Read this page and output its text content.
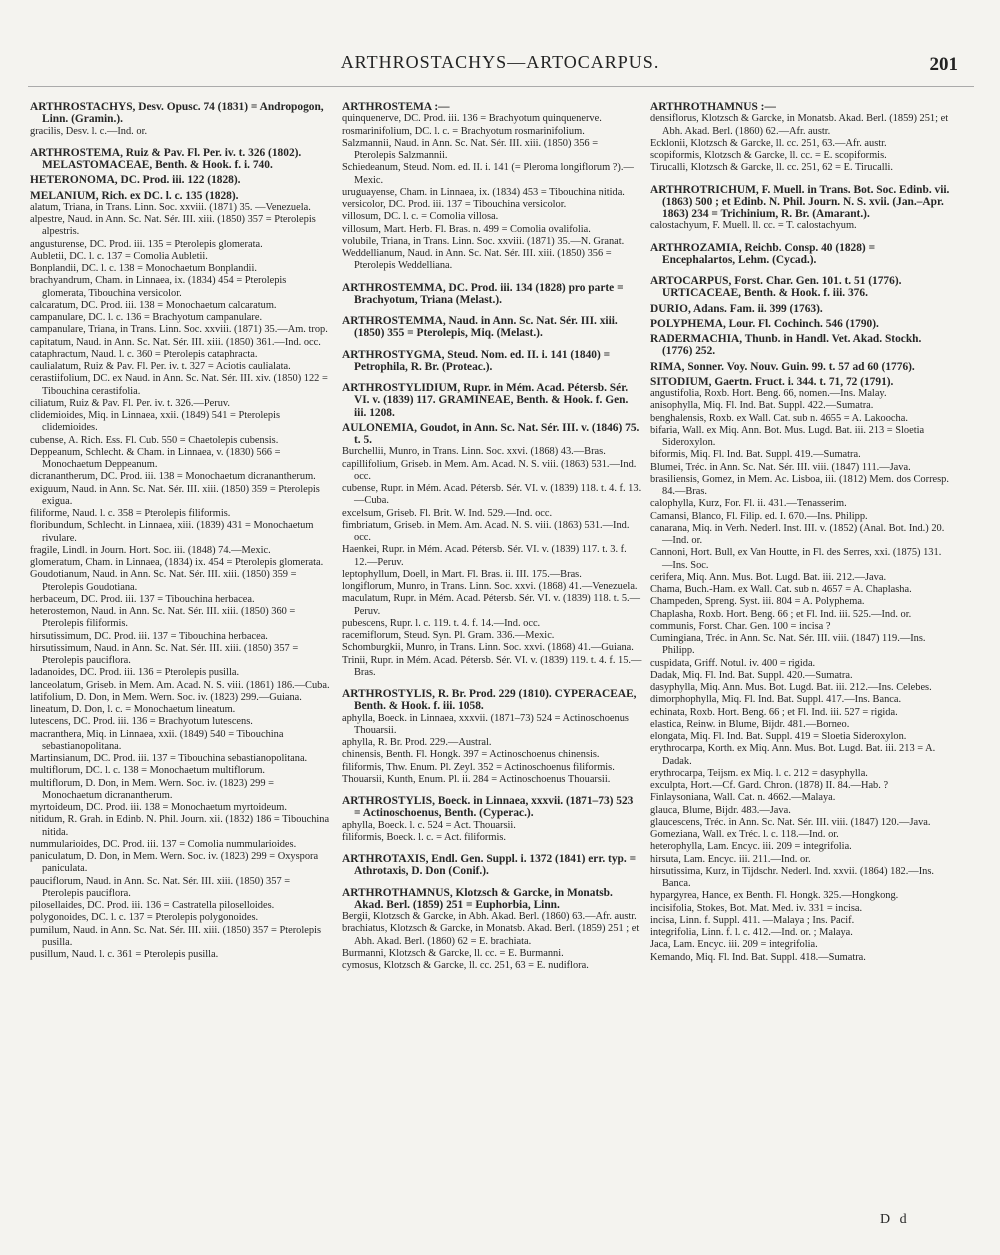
ARTHROSTACHYS—ARTOCARPUS.	201
ARTHROSTACHYS, Desv. Opusc. 74 (1831) = Andropogon, Linn. (Gramin.).
gracilis, Desv. l. c.—Ind. or.
ARTHROSTEMA, Ruiz & Pav. Fl. Per. iv. t. 326 (1802). MELASTOMACEAE, Benth. & Hook. f. i. 740.
HETERONOMA, DC. Prod. iii. 122 (1828).
MELANIUM, Rich. ex DC. l. c. 135 (1828).
alatum, Triana, in Trans. Linn. Soc. xxviii. (1871) 35. —Venezuela.
alpestre, Naud. in Ann. Sc. Nat. Sér. III. xiii. (1850) 357 = Pterolepis alpestris.
angusturense, DC. Prod. iii. 135 = Pterolepis glomerata.
Aubletii, DC. l. c. 137 = Comolia Aubletii.
Bonplandii, DC. l. c. 138 = Monochaetum Bonplandii.
brachyandrum, Cham. in Linnaea, ix. (1834) 454 = Pterolepis glomerata, Tibouchina versicolor.
calcaratum, DC. Prod. iii. 138 = Monochaetum calcaratum.
campanulare, DC. l. c. 136 = Brachyotum campanulare.
campanulare, Triana, in Trans. Linn. Soc. xxviii. (1871) 35.—Am. trop.
capitatum, Naud. in Ann. Sc. Nat. Sér. III. xiii. (1850) 361.—Ind. occ.
cataphractum, Naud. l. c. 360 = Pterolepis cataphracta.
caulialatum, Ruiz & Pav. Fl. Per. iv. t. 327 = Aciotis caulialata.
cerastiifolium, DC. ex Naud. in Ann. Sc. Nat. Sér. III. xiv. (1850) 122 = Tibouchina cerastifolia.
ciliatum, Ruiz & Pav. Fl. Per. iv. t. 326.—Peruv.
clidemioides, Miq. in Linnaea, xxii. (1849) 541 = Pterolepis clidemioides.
cubense, A. Rich. Ess. Fl. Cub. 550 = Chaetolepis cubensis.
Deppeanum, Schlecht. & Cham. in Linnaea, v. (1830) 566 = Monochaetum Deppeanum.
dicranantherum, DC. Prod. iii. 138 = Monochaetum dicranantherum.
exiguum, Naud. in Ann. Sc. Nat. Sér. III. xiii. (1850) 359 = Pterolepis exigua.
filiforme, Naud. l. c. 358 = Pterolepis filiformis.
floribundum, Schlecht. in Linnaea, xiii. (1839) 431 = Monochaetum rivulare.
fragile, Lindl. in Journ. Hort. Soc. iii. (1848) 74.—Mexic.
glomeratum, Cham. in Linnaea, (1834) ix. 454 = Pterolepis glomerata.
Goudotianum, Naud. in Ann. Sc. Nat. Sér. III. xiii. (1850) 359 = Pterolepis Goudotiana.
herbaceum, DC. Prod. iii. 137 = Tibouchina herbacea.
heterostemon, Naud. in Ann. Sc. Nat. Sér. III. xiii. (1850) 360 = Pterolepis filiformis.
hirsutissimum, DC. Prod. iii. 137 = Tibouchina herbacea.
hirsutissimum, Naud. in Ann. Sc. Nat. Sér. III. xiii. (1850) 357 = Pterolepis pauciflora.
ladanoides, DC. Prod. iii. 136 = Pterolepis pusilla.
lanceolatum, Griseb. in Mem. Am. Acad. N. S. viii. (1861) 186.—Cuba.
latifolium, D. Don, in Mem. Wern. Soc. iv. (1823) 299.—Guiana.
lineatum, D. Don, l. c. = Monochaetum lineatum.
lutescens, DC. Prod. iii. 136 = Brachyotum lutescens.
macranthera, Miq. in Linnaea, xxii. (1849) 540 = Tibouchina sebastianopolitana.
Martinsianum, DC. Prod. iii. 137 = Tibouchina sebastianopolitana.
multiflorum, DC. l. c. 138 = Monochaetum multiflorum.
multiflorum, D. Don, in Mem. Wern. Soc. iv. (1823) 299 = Monochaetum dicranantherum.
myrtoideum, DC. Prod. iii. 138 = Monochaetum myrtoideum.
nitidum, R. Grah. in Edinb. N. Phil. Journ. xii. (1832) 186 = Tibouchina nitida.
nummularioides, DC. Prod. iii. 137 = Comolia nummularioides.
paniculatum, D. Don, in Mem. Wern. Soc. iv. (1823) 299 = Oxyspora paniculata.
pauciflorum, Naud. in Ann. Sc. Nat. Sér. III. xiii. (1850) 357 = Pterolepis pauciflora.
pilosellaides, DC. Prod. iii. 136 = Castratella piloselloides.
polygonoides, DC. l. c. 137 = Pterolepis polygonoides.
pumilum, Naud. in Ann. Sc. Nat. Sér. III. xiii. (1850) 357 = Pterolepis pusilla.
pusillum, Naud. l. c. 361 = Pterolepis pusilla.
ARTHROSTEMA :—
quinquenerve, DC. Prod. iii. 136 = Brachyotum quinquenerve.
rosmarinifolium, DC. l. c. = Brachyotum rosmarinifolium.
Salzmannii, Naud. in Ann. Sc. Nat. Sér. III. xiii. (1850) 356 = Pterolepis Salzmannii.
Schiedeanum, Steud. Nom. ed. II. i. 141 (= Pleroma longiflorum ?).—Mexic.
uruguayense, Cham. in Linnaea, ix. (1834) 453 = Tibouchina nitida.
versicolor, DC. Prod. iii. 137 = Tibouchina versicolor.
villosum, DC. l. c. = Comolia villosa.
villosum, Mart. Herb. Fl. Bras. n. 499 = Comolia ovalifolia.
volubile, Triana, in Trans. Linn. Soc. xxviii. (1871) 35.—N. Granat.
Weddellianum, Naud. in Ann. Sc. Nat. Sér. III. xiii. (1850) 356 = Pterolepis Weddelliana.
ARTHROSTEMMA, DC. Prod. iii. 134 (1828) pro parte = Brachyotum, Triana (Melast.).
ARTHROSTEMMA, Naud. in Ann. Sc. Nat. Sér. III. xiii. (1850) 355 = Pterolepis, Miq. (Melast.).
ARTHROSTYGMA, Steud. Nom. ed. II. i. 141 (1840) = Petrophila, R. Br. (Proteac.).
ARTHROSTYLIDIUM, Rupr. in Mém. Acad. Pétersb. Sér. VI. v. (1839) 117. GRAMINEAE, Benth. & Hook. f. Gen. iii. 1208.
AULONEMIA, Goudot, in Ann. Sc. Nat. Sér. III. v. (1846) 75. t. 5.
Burchellii, Munro, in Trans. Linn. Soc. xxvi. (1868) 43.—Bras.
capillifolium, Griseb. in Mem. Am. Acad. N. S. viii. (1863) 531.—Ind. occ.
cubense, Rupr. in Mém. Acad. Pétersb. Sér. VI. v. (1839) 118. t. 4. f. 13.—Cuba.
excelsum, Griseb. Fl. Brit. W. Ind. 529.—Ind. occ.
fimbriatum, Griseb. in Mem. Am. Acad. N. S. viii. (1863) 531.—Ind. occ.
Haenkei, Rupr. in Mém. Acad. Pétersb. Sér. VI. v. (1839) 117. t. 3. f. 12.—Peruv.
leptophyllum, Doell, in Mart. Fl. Bras. ii. III. 175.—Bras.
longiflorum, Munro, in Trans. Linn. Soc. xxvi. (1868) 41.—Venezuela.
maculatum, Rupr. in Mém. Acad. Pétersb. Sér. VI. v. (1839) 118. t. 5.—Peruv.
pubescens, Rupr. l. c. 119. t. 4. f. 14.—Ind. occ.
racemiflorum, Steud. Syn. Pl. Gram. 336.—Mexic.
Schomburgkii, Munro, in Trans. Linn. Soc. xxvi. (1868) 41.—Guiana.
Trinii, Rupr. in Mém. Acad. Pétersb. Sér. VI. v. (1839) 119. t. 4. f. 15.—Bras.
ARTHROSTYLIS, R. Br. Prod. 229 (1810). CYPERACEAE, Benth. & Hook. f. iii. 1058.
aphylla, Boeck. in Linnaea, xxxvii. (1871–73) 524 = Actinoschoenus Thouarsii.
aphylla, R. Br. Prod. 229.—Austral.
chinensis, Benth. Fl. Hongk. 397 = Actinoschoenus chinensis.
filiformis, Thw. Enum. Pl. Zeyl. 352 = Actinoschoenus filiformis.
Thouarsii, Kunth, Enum. Pl. ii. 284 = Actinoschoenus Thouarsii.
ARTHROSTYLIS, Boeck. in Linnaea, xxxvii. (1871–73) 523 = Actinoschoenus, Benth. (Cyperac.).
aphylla, Boeck. l. c. 524 = Act. Thouarsii.
filiformis, Boeck. l. c. = Act. filiformis.
ARTHROTAXIS, Endl. Gen. Suppl. i. 1372 (1841) err. typ. = Athrotaxis, D. Don (Conif.).
ARTHROTHAMNUS, Klotzsch & Garcke, in Monatsb. Akad. Berl. (1859) 251 = Euphorbia, Linn.
Bergii, Klotzsch & Garcke, in Abh. Akad. Berl. (1860) 63.—Afr. austr.
brachiatus, Klotzsch & Garcke, in Monatsb. Akad. Berl. (1859) 251 ; et Abh. Akad. Berl. (1860) 62 = E. brachiata.
Burmanni, Klotzsch & Garcke, ll. cc. = E. Burmanni.
cymosus, Klotzsch & Garcke, ll. cc. 251, 63 = E. nudiflora.
ARTHROTHAMNUS :—
densiflorus, Klotzsch & Garcke, in Monatsb. Akad. Berl. (1859) 251; et Abh. Akad. Berl. (1860) 62.—Afr. austr.
Ecklonii, Klotzsch & Garcke, ll. cc. 251, 63.—Afr. austr.
scopiformis, Klotzsch & Garcke, ll. cc. = E. scopiformis.
Tirucalli, Klotzsch & Garcke, ll. cc. 251, 62 = E. Tirucalli.
ARTHROTRICHUM, F. Muell. in Trans. Bot. Soc. Edinb. vii. (1863) 500 ; et Edinb. N. Phil. Journ. N. S. xvii. (Jan.–Apr. 1863) 234 = Trichinium, R. Br. (Amarant.).
calostachyum, F. Muell. ll. cc. = T. calostachyum.
ARTHROZAMIA, Reichb. Consp. 40 (1828) = Encephalartos, Lehm. (Cycad.).
ARTOCARPUS, Forst. Char. Gen. 101. t. 51 (1776). URTICACEAE, Benth. & Hook. f. iii. 376.
DURIO, Adans. Fam. ii. 399 (1763).
POLYPHEMA, Lour. Fl. Cochinch. 546 (1790).
RADERMACHIA, Thunb. in Handl. Vet. Akad. Stockh. (1776) 252.
RIMA, Sonner. Voy. Nouv. Guin. 99. t. 57 ad 60 (1776).
SITODIUM, Gaertn. Fruct. i. 344. t. 71, 72 (1791).
angustifolia, Roxb. Hort. Beng. 66, nomen.—Ins. Malay.
anisophylla, Miq. Fl. Ind. Bat. Suppl. 422.—Sumatra.
benghalensis, Roxb. ex Wall. Cat. sub n. 4655 = A. Lakoocha.
bifaria, Wall. ex Miq. Ann. Bot. Mus. Lugd. Bat. iii. 213 = Sloetia Sideroxylon.
biformis, Miq. Fl. Ind. Bat. Suppl. 419.—Sumatra.
Blumei, Tréc. in Ann. Sc. Nat. Sér. III. viii. (1847) 111.—Java.
brasiliensis, Gomez, in Mem. Ac. Lisboa, iii. (1812) Mem. dos Corresp. 84.—Bras.
calophylla, Kurz, For. Fl. ii. 431.—Tenasserim.
Camansi, Blanco, Fl. Filip. ed. I. 670.—Ins. Philipp.
canarana, Miq. in Verh. Nederl. Inst. III. v. (1852) (Anal. Bot. Ind.) 20.—Ind. or.
Cannoni, Hort. Bull, ex Van Houtte, in Fl. des Serres, xxi. (1875) 131.—Ins. Soc.
cerifera, Miq. Ann. Mus. Bot. Lugd. Bat. iii. 212.—Java.
Chama, Buch.-Ham. ex Wall. Cat. sub n. 4657 = A. Chaplasha.
Champeden, Spreng. Syst. iii. 804 = A. Polyphema.
Chaplasha, Roxb. Hort. Beng. 66 ; et Fl. Ind. iii. 525.—Ind. or.
communis, Forst. Char. Gen. 100 = incisa ?
Cumingiana, Tréc. in Ann. Sc. Nat. Sér. III. viii. (1847) 119.—Ins. Philipp.
cuspidata, Griff. Notul. iv. 400 = rigida.
Dadak, Miq. Fl. Ind. Bat. Suppl. 420.—Sumatra.
dasyphylla, Miq. Ann. Mus. Bot. Lugd. Bat. iii. 212.—Ins. Celebes.
dimorphophylla, Miq. Fl. Ind. Bat. Suppl. 417.—Ins. Banca.
echinata, Roxb. Hort. Beng. 66 ; et Fl. Ind. iii. 527 = rigida.
elastica, Reinw. in Blume, Bijdr. 481.—Borneo.
elongata, Miq. Fl. Ind. Bat. Suppl. 419 = Sloetia Sideroxylon.
erythrocarpa, Korth. ex Miq. Ann. Mus. Bot. Lugd. Bat. iii. 213 = A. Dadak.
erythrocarpa, Teijsm. ex Miq. l. c. 212 = dasyphylla.
exculpta, Hort.—Cf. Gard. Chron. (1878) II. 84.—Hab. ?
Finlaysoniana, Wall. Cat. n. 4662.—Malaya.
glauca, Blume, Bijdr. 483.—Java.
glaucescens, Tréc. in Ann. Sc. Nat. Sér. III. viii. (1847) 120.—Java.
Gomeziana, Wall. ex Tréc. l. c. 118.—Ind. or.
heterophylla, Lam. Encyc. iii. 209 = integrifolia.
hirsuta, Lam. Encyc. iii. 211.—Ind. or.
hirsutissima, Kurz, in Tijdschr. Nederl. Ind. xxvii. (1864) 182.—Ins. Banca.
hypargyrea, Hance, ex Benth. Fl. Hongk. 325.—Hongkong.
incisifolia, Stokes, Bot. Mat. Med. iv. 331 = incisa.
incisa, Linn. f. Suppl. 411. —Malaya ; Ins. Pacif.
integrifolia, Linn. f. l. c. 412.—Ind. or. ; Malaya.
Jaca, Lam. Encyc. iii. 209 = integrifolia.
Kemando, Miq. Fl. Ind. Bat. Suppl. 418.—Sumatra.
D d
